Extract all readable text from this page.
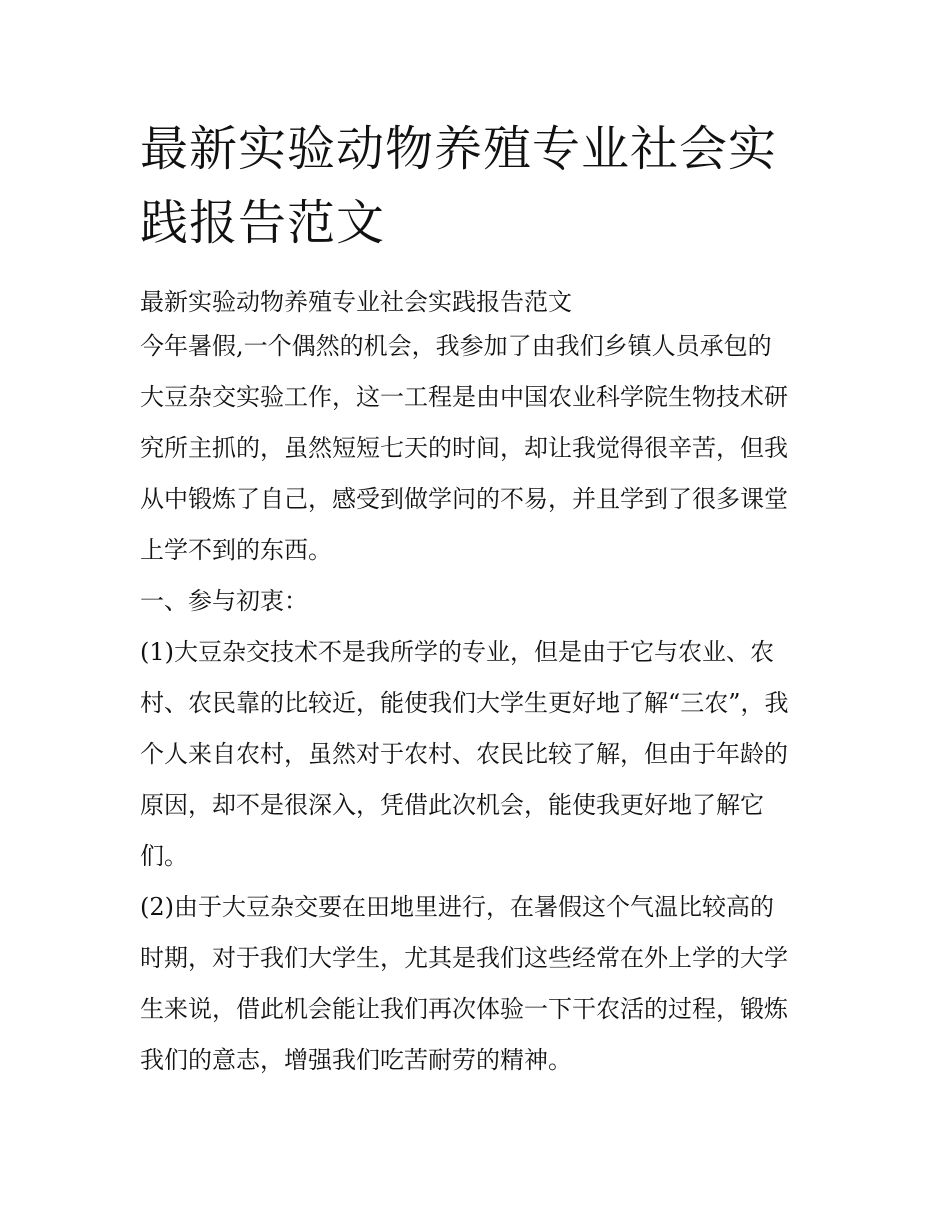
最新实验动物养殖专业社会实
践报告范文

最新实验动物养殖专业社会实践报告范文

今年暑假,一个偶然的机会，我参加了由我们乡镇人员承包的

大豆杂交实验工作，这一工程是由中国农业科学院生物技术研

究所主抓的，虽然短短七天的时间，却让我觉得很辛苦，但我

从中锻炼了自己，感受到做学问的不易，并且学到了很多课堂

上学不到的东西。

一、参与初衷：

(1)大豆杂交技术不是我所学的专业，但是由于它与农业、农

村、农民靠的比较近，能使我们大学生更好地了解“三农”，我

个人来自农村，虽然对于农村、农民比较了解，但由于年龄的

原因，却不是很深入，凭借此次机会，能使我更好地了解它

们。

(2)由于大豆杂交要在田地里进行，在暑假这个气温比较高的

时期，对于我们大学生，尤其是我们这些经常在外上学的大学

生来说，借此机会能让我们再次体验一下干农活的过程，锻炼

我们的意志，增强我们吃苦耐劳的精神。
